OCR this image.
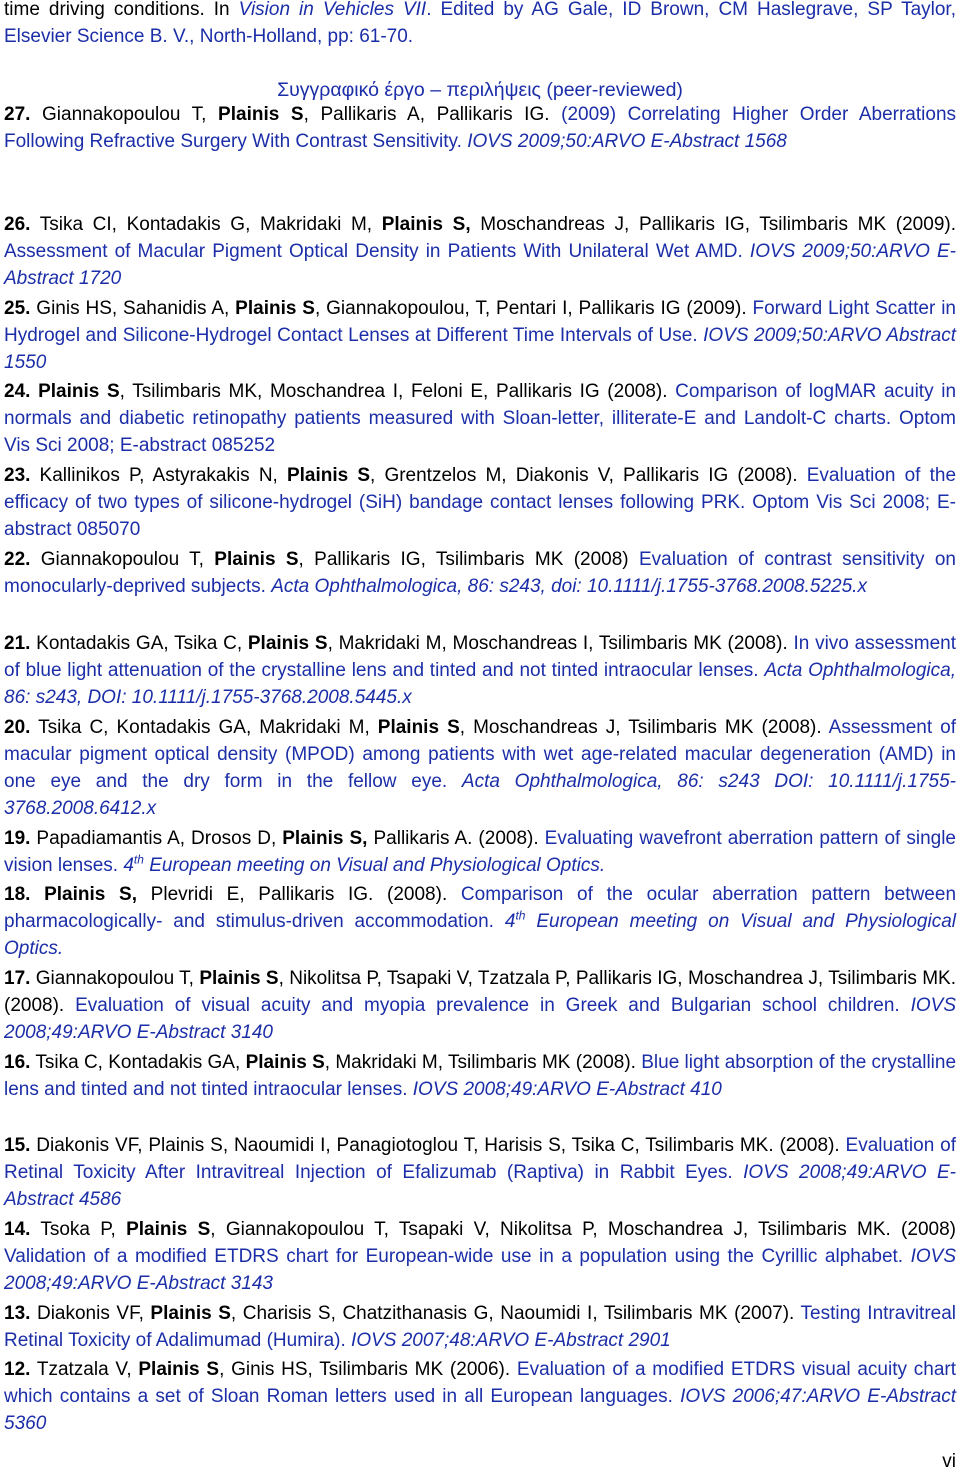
time driving conditions. In Vision in Vehicles VII. Edited by AG Gale, ID Brown, CM Haslegrave, SP Taylor, Elsevier Science B. V., North-Holland, pp: 61-70.
Συγγραφικό έργο – περιλήψεις (peer-reviewed)
27. Giannakopoulou T, Plainis S, Pallikaris A, Pallikaris IG. (2009) Correlating Higher Order Aberrations Following Refractive Surgery With Contrast Sensitivity. IOVS 2009;50:ARVO E-Abstract 1568
26. Tsika CI, Kontadakis G, Makridaki M, Plainis S, Moschandreas J, Pallikaris IG, Tsilimbaris MK (2009). Assessment of Macular Pigment Optical Density in Patients With Unilateral Wet AMD. IOVS 2009;50:ARVO E-Abstract 1720
25. Ginis HS, Sahanidis A, Plainis S, Giannakopoulou, T, Pentari I, Pallikaris IG (2009). Forward Light Scatter in Hydrogel and Silicone-Hydrogel Contact Lenses at Different Time Intervals of Use. IOVS 2009;50:ARVO Abstract 1550
24. Plainis S, Tsilimbaris MK, Moschandrea I, Feloni E, Pallikaris IG (2008). Comparison of logMAR acuity in normals and diabetic retinopathy patients measured with Sloan-letter, illiterate-E and Landolt-C charts. Optom Vis Sci 2008; E-abstract 085252
23. Kallinikos P, Astyrakakis N, Plainis S, Grentzelos M, Diakonis V, Pallikaris IG (2008). Evaluation of the efficacy of two types of silicone-hydrogel (SiH) bandage contact lenses following PRK. Optom Vis Sci 2008; E-abstract 085070
22. Giannakopoulou T, Plainis S, Pallikaris IG, Tsilimbaris MK (2008) Evaluation of contrast sensitivity on monocularly-deprived subjects. Acta Ophthalmologica, 86: s243, doi: 10.1111/j.1755-3768.2008.5225.x
21. Kontadakis GA, Tsika C, Plainis S, Makridaki M, Moschandreas I, Tsilimbaris MK (2008). In vivo assessment of blue light attenuation of the crystalline lens and tinted and not tinted intraocular lenses. Acta Ophthalmologica, 86: s243, DOI: 10.1111/j.1755-3768.2008.5445.x
20. Tsika C, Kontadakis GA, Makridaki M, Plainis S, Moschandreas J, Tsilimbaris MK (2008). Assessment of macular pigment optical density (MPOD) among patients with wet age-related macular degeneration (AMD) in one eye and the dry form in the fellow eye. Acta Ophthalmologica, 86: s243 DOI: 10.1111/j.1755-3768.2008.6412.x
19. Papadiamantis A, Drosos D, Plainis S, Pallikaris A. (2008). Evaluating wavefront aberration pattern of single vision lenses. 4th European meeting on Visual and Physiological Optics.
18. Plainis S, Plevridi E, Pallikaris IG. (2008). Comparison of the ocular aberration pattern between pharmacologically- and stimulus-driven accommodation. 4th European meeting on Visual and Physiological Optics.
17. Giannakopoulou T, Plainis S, Nikolitsa P, Tsapaki V, Tzatzala P, Pallikaris IG, Moschandrea J, Tsilimbaris MK. (2008). Evaluation of visual acuity and myopia prevalence in Greek and Bulgarian school children. IOVS 2008;49:ARVO E-Abstract 3140
16. Tsika C, Kontadakis GA, Plainis S, Makridaki M, Tsilimbaris MK (2008). Blue light absorption of the crystalline lens and tinted and not tinted intraocular lenses. IOVS 2008;49:ARVO E-Abstract 410
15. Diakonis VF, Plainis S, Naoumidi I, Panagiotoglou T, Harisis S, Tsika C, Tsilimbaris MK. (2008). Evaluation of Retinal Toxicity After Intravitreal Injection of Efalizumab (Raptiva) in Rabbit Eyes. IOVS 2008;49:ARVO E-Abstract 4586
14. Tsoka P, Plainis S, Giannakopoulou T, Tsapaki V, Nikolitsa P, Moschandrea J, Tsilimbaris MK. (2008) Validation of a modified ETDRS chart for European-wide use in a population using the Cyrillic alphabet. IOVS 2008;49:ARVO E-Abstract 3143
13. Diakonis VF, Plainis S, Charisis S, Chatzithanasis G, Naoumidi I, Tsilimbaris MK (2007). Testing Intravitreal Retinal Toxicity of Adalimumad (Humira). IOVS 2007;48:ARVO E-Abstract 2901
12. Tzatzala V, Plainis S, Ginis HS, Tsilimbaris MK (2006). Evaluation of a modified ETDRS visual acuity chart which contains a set of Sloan Roman letters used in all European languages. IOVS 2006;47:ARVO E-Abstract 5360
vi
